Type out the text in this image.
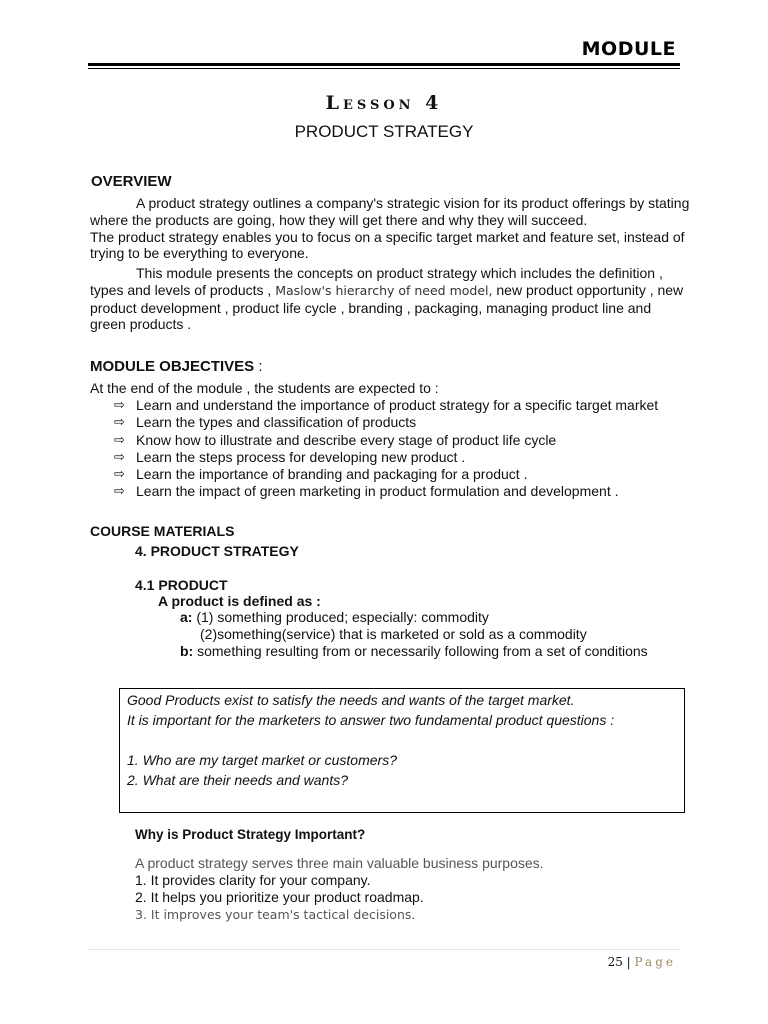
MODULE
Lesson 4
PRODUCT STRATEGY
OVERVIEW

A product strategy outlines a company's strategic vision for its product offerings by stating where the products are going, how they will get there and why they will succeed.

The product strategy enables you to focus on a specific target market and feature set, instead of trying to be everything to everyone.

This module presents the concepts on product strategy which includes the definition , types and levels of products , Maslow's hierarchy of need model, new product opportunity , new product development , product life cycle , branding , packaging, managing product line and green products .

MODULE OBJECTIVES :
At the end of the module , the students are expected to :
⇨ Learn and understand the importance of product strategy for a specific target market
⇨ Learn the types and classification of products
⇨ Know how to illustrate and describe every stage of product life cycle
⇨ Learn the steps process for developing new product .
⇨ Learn the importance of branding and packaging for a product .
⇨ Learn the impact of green marketing in product formulation and development .
COURSE MATERIALS
4. PRODUCT STRATEGY
4.1 PRODUCT
A product is defined as :
a: (1) something produced; especially: commodity
(2)something(service) that is marketed or sold as a commodity
b: something resulting from or necessarily following from a set of conditions

Good Products exist to satisfy the needs and wants of the target market.

It is important for the marketers to answer two fundamental product questions :

1. Who are my target market or customers?

2. What are their needs and wants?

Why is Product Strategy Important?

A product strategy serves three main valuable business purposes.

1. It provides clarity for your company.

2. It helps you prioritize your product roadmap.

3. It improves your team's tactical decisions.

25 | Page
